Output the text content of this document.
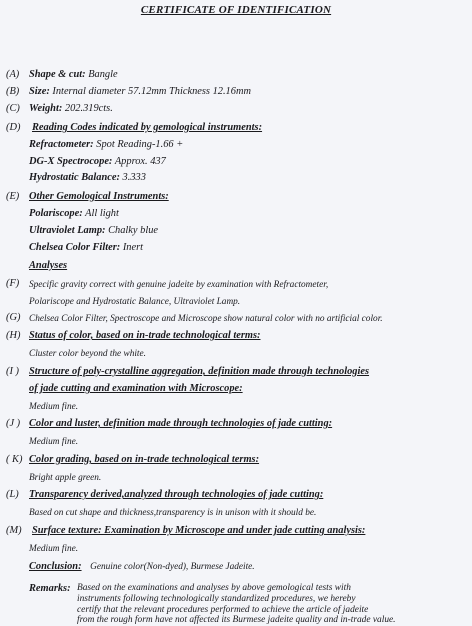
CERTIFICATE OF IDENTIFICATION
(A) Shape & cut: Bangle
(B) Size: Internal diameter 57.12mm Thickness 12.16mm
(C) Weight: 202.319cts.
(D) Reading Codes indicated by gemological instruments:
Refractometer: Spot Reading-1.66 +
DG-X Spectrocope: Approx. 437
Hydrostatic Balance: 3.333
(E) Other Gemological Instruments:
Polariscope: All light
Ultraviolet Lamp: Chalky blue
Chelsea Color Filter: Inert
Analyses
(F) Specific gravity correct with genuine jadeite by examination with Refractometer,
Polariscope and Hydrostatic Balance, Ultraviolet Lamp.
(G) Chelsea Color Filter, Spectroscope and Microscope show natural color with no artificial color.
(H) Status of color, based on in-trade technological terms:
Cluster color beyond the white.
(I ) Structure of poly-crystalline aggregation, definition made through technologies
of jade cutting and examination with Microscope:
Medium fine.
(J ) Color and luster, definition made through technologies of jade cutting:
Medium fine.
( K) Color grading, based on in-trade technological terms:
Bright apple green.
(L) Transparency derived,analyzed through technologies of jade cutting:
Based on cut shape and thickness,transparency is in unison with it should be.
(M) Surface texture: Examination by Microscope and under jade cutting analysis:
Medium fine.
Conclusion: Genuine color(Non-dyed), Burmese Jadeite.
Remarks: Based on the examinations and analyses by above gemological tests with
instruments following technologically standardized procedures, we hereby
certify that the relevant procedures performed to achieve the article of jadeite
from the rough form have not affected its Burmese jadeite quality and in-trade value.
